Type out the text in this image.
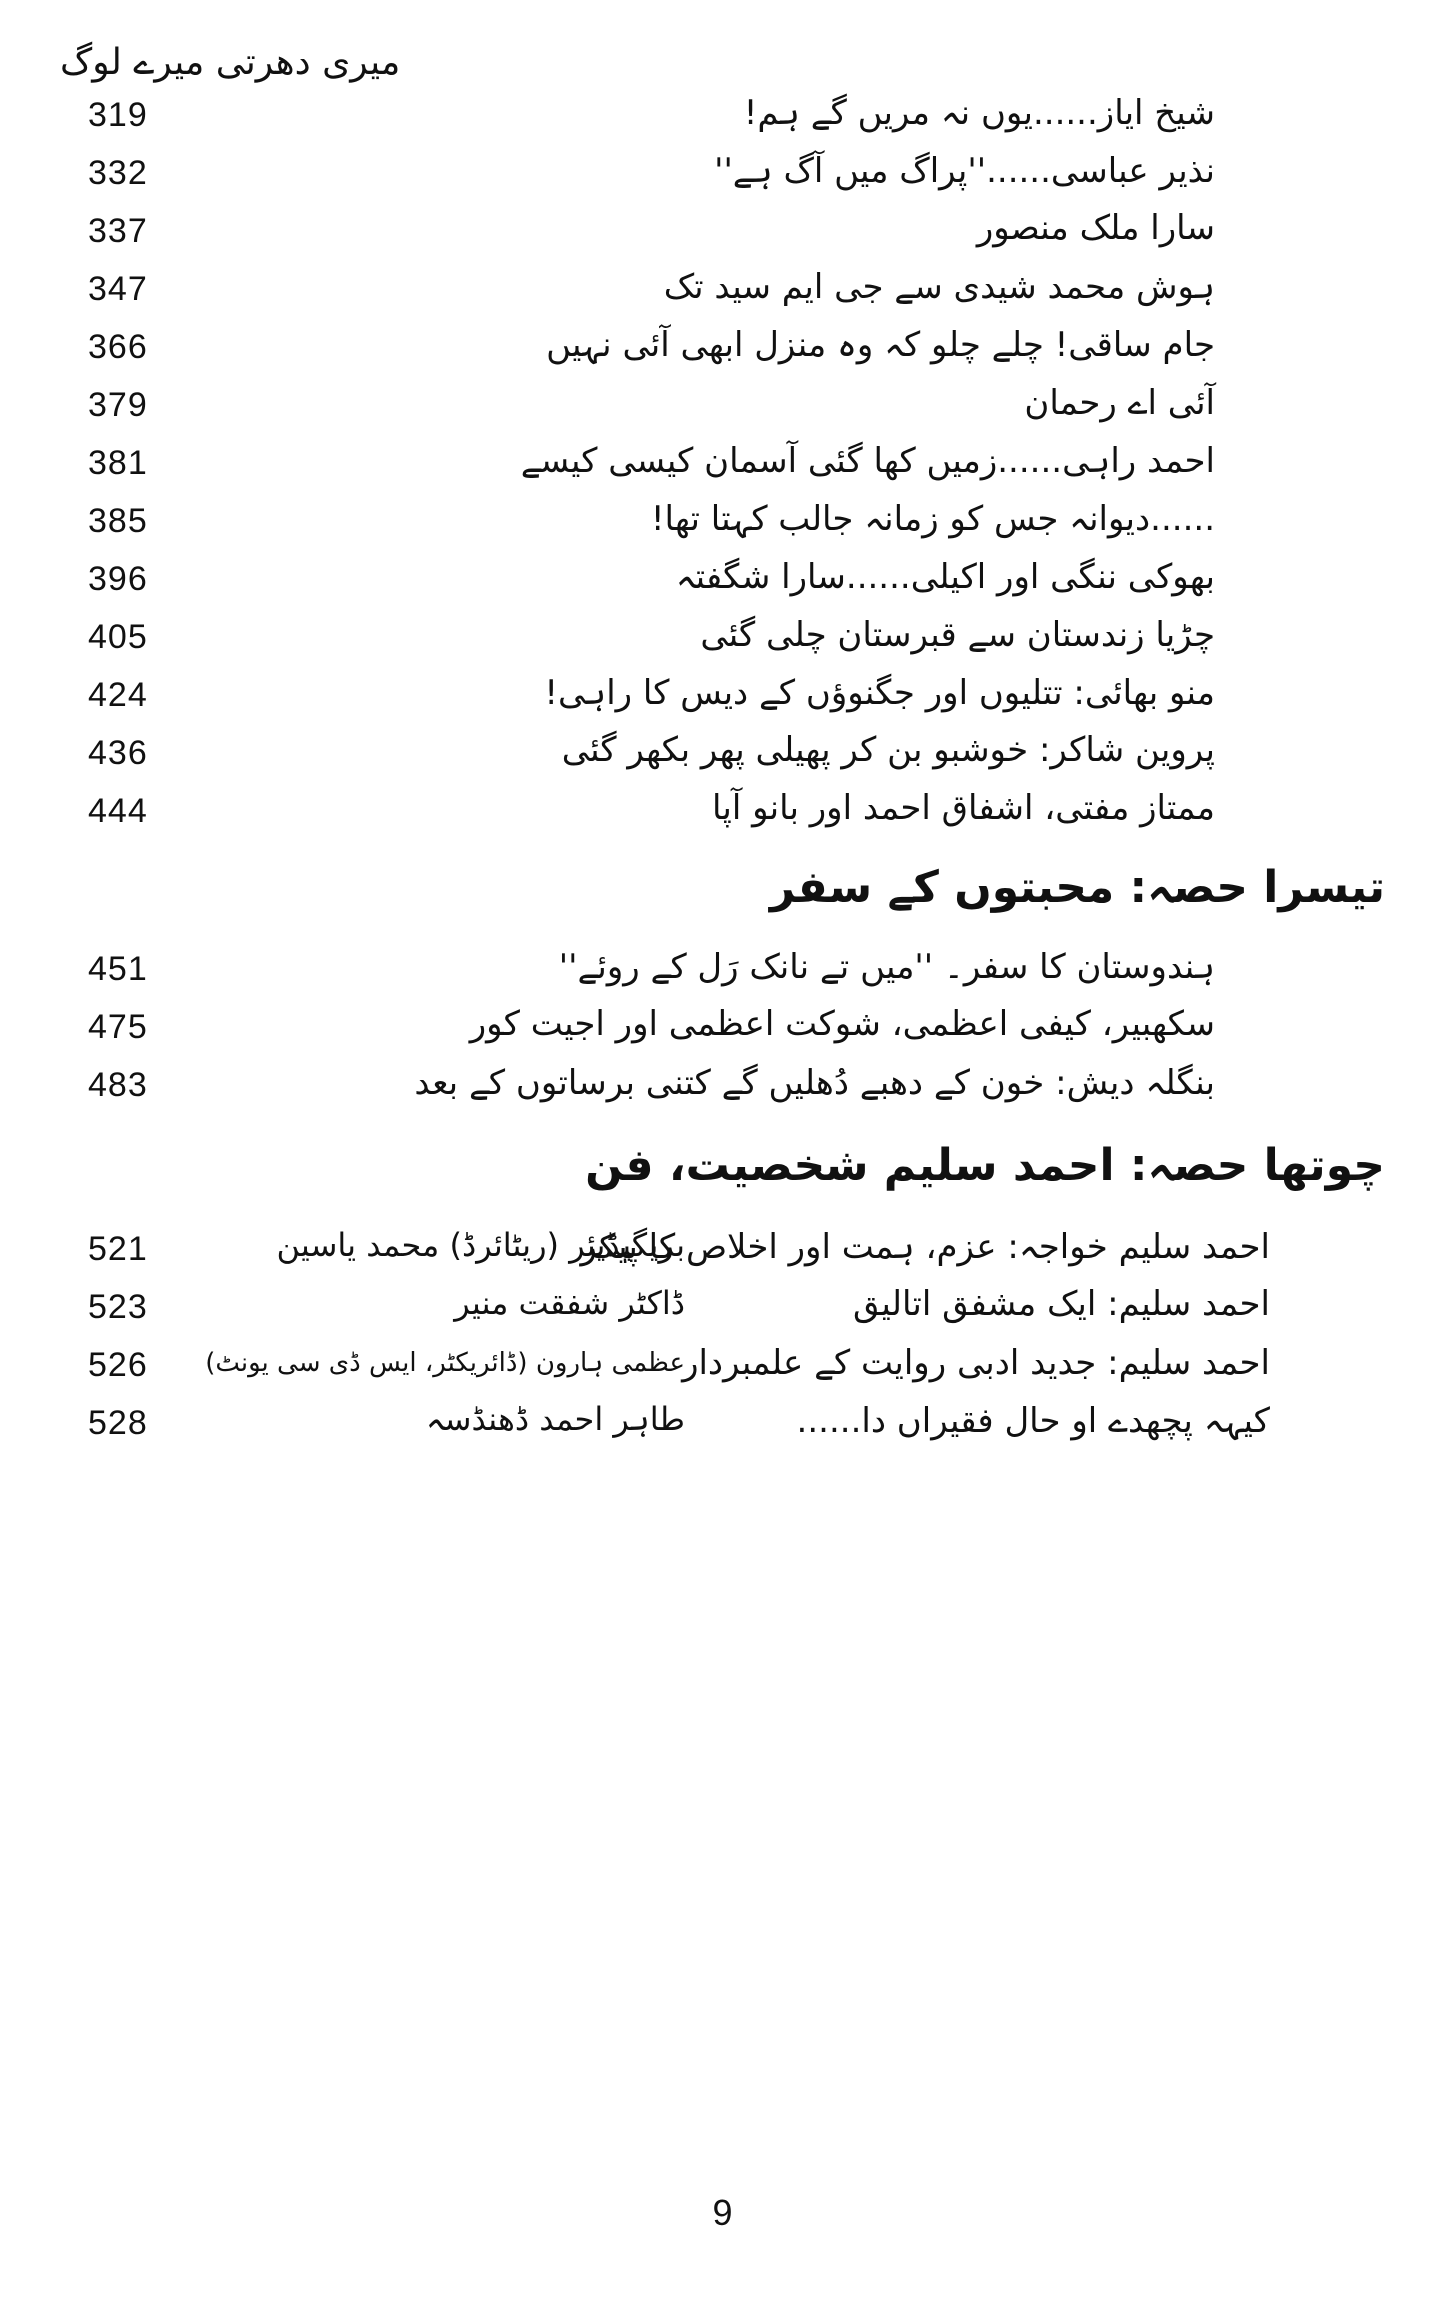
میری دھرتی میرے لوگ
شیخ ایاز......یوں نہ مریں گے ہم!
319
نذیر عباسی......''پراگ میں آگ ہے''
332
سارا ملک منصور
337
ہوش محمد شیدی سے جی ایم سید تک
347
جام ساقی! چلے چلو کہ وہ منزل ابھی آئی نہیں
366
آئی اے رحمان
379
احمد راہی......زمیں کھا گئی آسمان کیسی کیسے
381
......دیوانہ جس کو زمانہ جالب کہتا تھا!
385
بھوکی ننگی اور اکیلی......سارا شگفتہ
396
چڑیا زندستان سے قبرستان چلی گئی
405
منو بھائی: تتلیوں اور جگنوؤں کے دیس کا راہی!
424
پروین شاکر: خوشبو بن کر پھیلی پھر بکھر گئی
436
ممتاز مفتی، اشفاق احمد اور بانو آپا
444
تیسرا حصہ: محبتوں کے سفر
ہندوستان کا سفر۔ ''میں تے نانک رَل کے روئے''
451
سکھبیر، کیفی اعظمی، شوکت اعظمی اور اجیت کور
475
بنگلہ دیش: خون کے دھبے دُھلیں گے کتنی برساتوں کے بعد
483
چوتھا حصہ: احمد سلیم شخصیت، فن
احمد سلیم خواجہ: عزم، ہمت اور اخلاص کا پیکر
بریگیڈیئر (ریٹائرڈ) محمد یاسین
521
احمد سلیم: ایک مشفق اتالیق
ڈاکٹر شفقت منیر
523
احمد سلیم: جدید ادبی روایت کے علمبردار
عظمی ہارون (ڈائریکٹر، ایس ڈی سی یونٹ)
526
کیہہ پچھدے او حال فقیراں دا......
طاہر احمد ڈھنڈسہ
528
9
